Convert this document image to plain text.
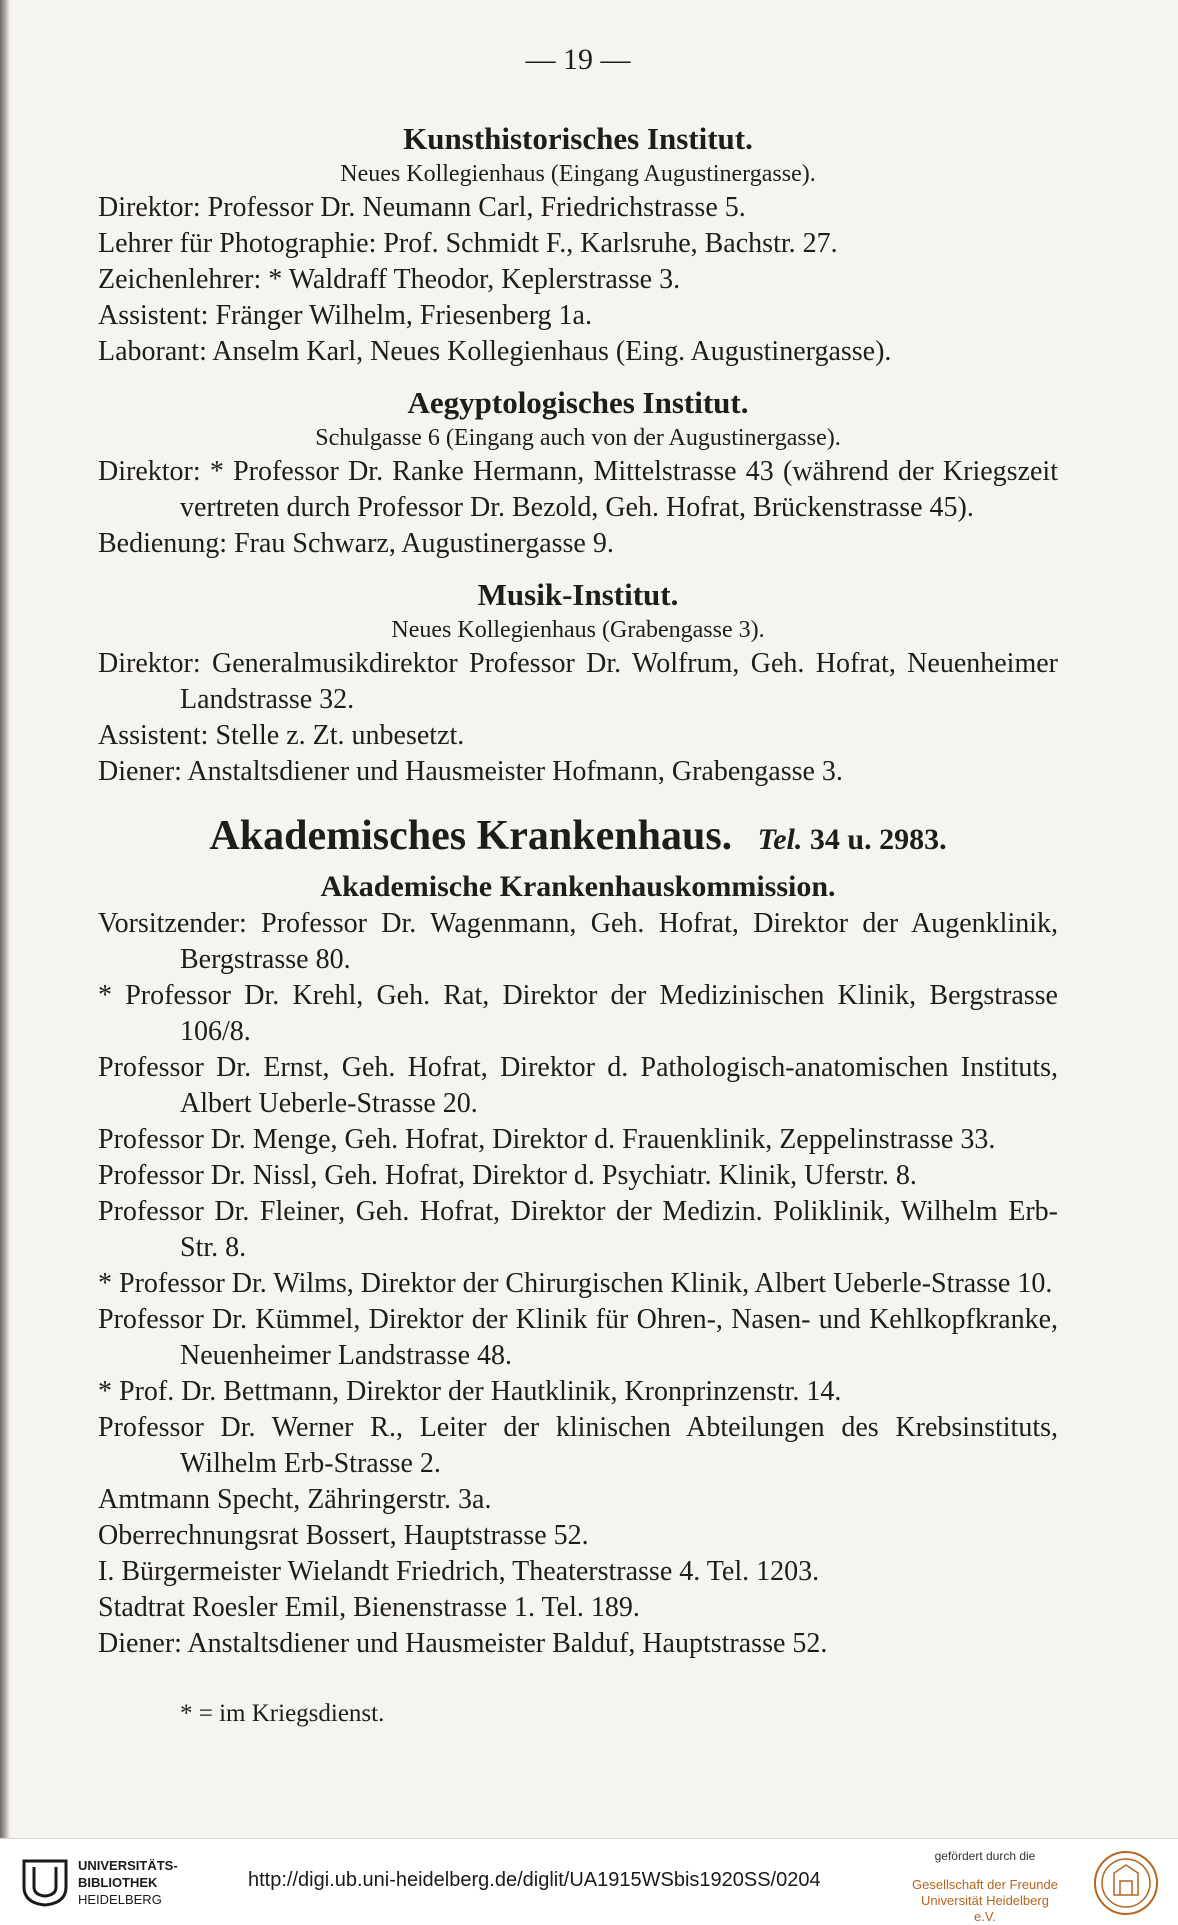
— 19 —
Kunsthistorisches Institut.
Neues Kollegienhaus (Eingang Augustinergasse).
Direktor: Professor Dr. Neumann Carl, Friedrichstrasse 5.
Lehrer für Photographie: Prof. Schmidt F., Karlsruhe, Bachstr. 27.
Zeichenlehrer: * Waldraff Theodor, Keplerstrasse 3.
Assistent: Fränger Wilhelm, Friesenberg 1a.
Laborant: Anselm Karl, Neues Kollegienhaus (Eing. Augustinergasse).
Aegyptologisches Institut.
Schulgasse 6 (Eingang auch von der Augustinergasse).
Direktor: * Professor Dr. Ranke Hermann, Mittelstrasse 43 (während der Kriegszeit vertreten durch Professor Dr. Bezold, Geh. Hofrat, Brückenstrasse 45).
Bedienung: Frau Schwarz, Augustinergasse 9.
Musik-Institut.
Neues Kollegienhaus (Grabengasse 3).
Direktor: Generalmusikdirektor Professor Dr. Wolfrum, Geh. Hofrat, Neuenheimer Landstrasse 32.
Assistent: Stelle z. Zt. unbesetzt.
Diener: Anstaltsdiener und Hausmeister Hofmann, Grabengasse 3.
Akademisches Krankenhaus. Tel. 34 u. 2983.
Akademische Krankenhauskommission.
Vorsitzender: Professor Dr. Wagenmann, Geh. Hofrat, Direktor der Augenklinik, Bergstrasse 80.
* Professor Dr. Krehl, Geh. Rat, Direktor der Medizinischen Klinik, Bergstrasse 106/8.
Professor Dr. Ernst, Geh. Hofrat, Direktor d. Pathologisch-anatomischen Instituts, Albert Ueberle-Strasse 20.
Professor Dr. Menge, Geh. Hofrat, Direktor d. Frauenklinik, Zeppelinstrasse 33.
Professor Dr. Nissl, Geh. Hofrat, Direktor d. Psychiatr. Klinik, Uferstr. 8.
Professor Dr. Fleiner, Geh. Hofrat, Direktor der Medizin. Poliklinik, Wilhelm Erb-Str. 8.
* Professor Dr. Wilms, Direktor der Chirurgischen Klinik, Albert Ueberle-Strasse 10.
Professor Dr. Kümmel, Direktor der Klinik für Ohren-, Nasen- und Kehlkopfkranke, Neuenheimer Landstrasse 48.
* Prof. Dr. Bettmann, Direktor der Hautklinik, Kronprinzenstr. 14.
Professor Dr. Werner R., Leiter der klinischen Abteilungen des Krebsinstituts, Wilhelm Erb-Strasse 2.
Amtmann Specht, Zähringerstr. 3a.
Oberrechnungsrat Bossert, Hauptstrasse 52.
I. Bürgermeister Wielandt Friedrich, Theaterstrasse 4. Tel. 1203.
Stadtrat Roesler Emil, Bienenstrasse 1. Tel. 189.
Diener: Anstaltsdiener und Hausmeister Balduf, Hauptstrasse 52.
* = im Kriegsdienst.
UNIVERSITÄTS-
BIBLIOTHEK
HEIDELBERG
http://digi.ub.uni-heidelberg.de/diglit/UA1915WSbis1920SS/0204
gefördert durch die
Gesellschaft der Freunde
Universität Heidelberg e.V.
